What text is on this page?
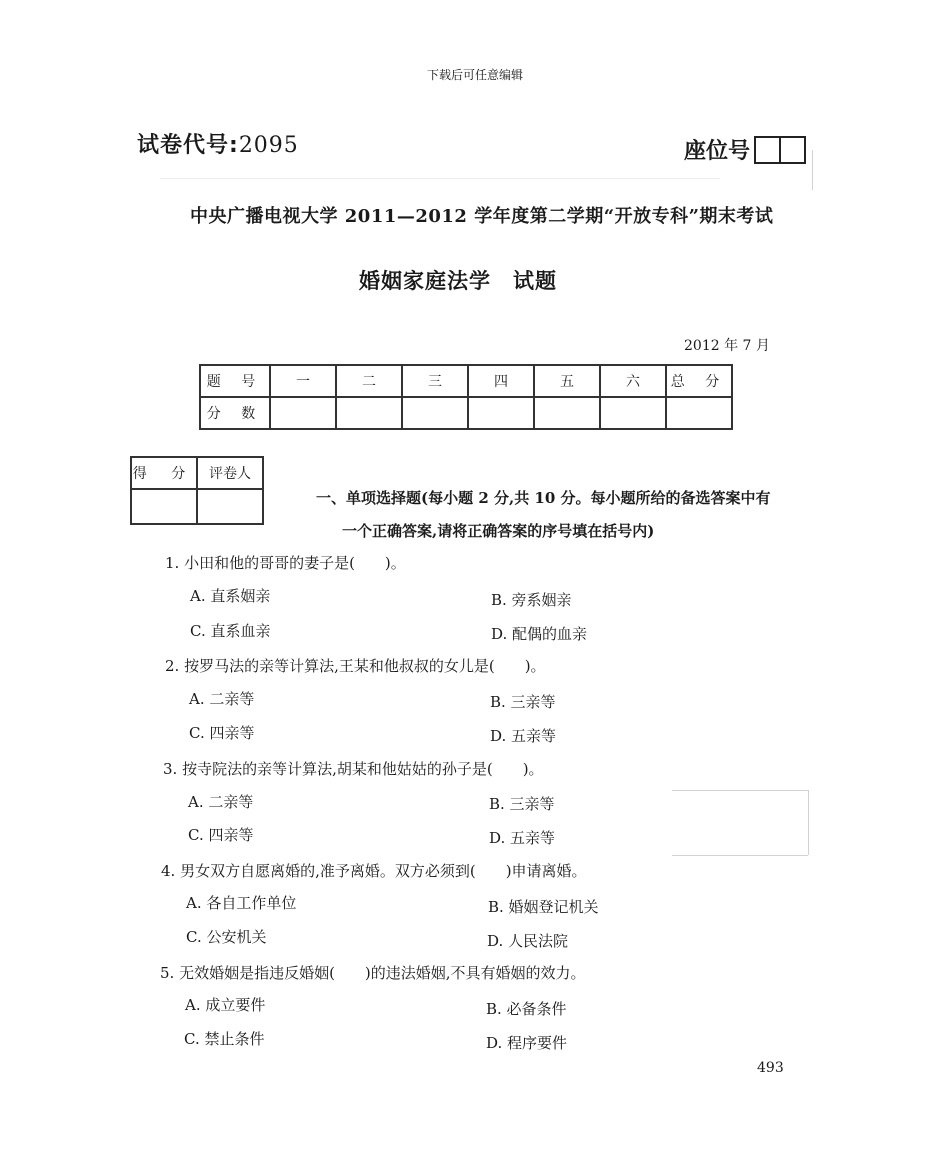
下载后可任意编辑
试卷代号:2095	座位号
中央广播电视大学 2011—2012 学年度第二学期“开放专科”期末考试
婚姻家庭法学 试题
2012 年 7 月
题 号	一	二	三	四	五	六	总 分
分 数							
得 分	评卷人

一、单项选择题(每小题 2 分,共 10 分。每小题所给的备选答案中有
一个正确答案,请将正确答案的序号填在括号内)
1. 小田和他的哥哥的妻子是(　　)。
A. 直系姻亲	B. 旁系姻亲
C. 直系血亲	D. 配偶的血亲
2. 按罗马法的亲等计算法,王某和他叔叔的女儿是(　　)。
A. 二亲等	B. 三亲等
C. 四亲等	D. 五亲等
3. 按寺院法的亲等计算法,胡某和他姑姑的孙子是(　　)。
A. 二亲等	B. 三亲等
C. 四亲等	D. 五亲等
4. 男女双方自愿离婚的,准予离婚。双方必须到(　　)申请离婚。
A. 各自工作单位	B. 婚姻登记机关
C. 公安机关	D. 人民法院
5. 无效婚姻是指违反婚姻(　　)的违法婚姻,不具有婚姻的效力。
A. 成立要件	B. 必备条件
C. 禁止条件	D. 程序要件
493
